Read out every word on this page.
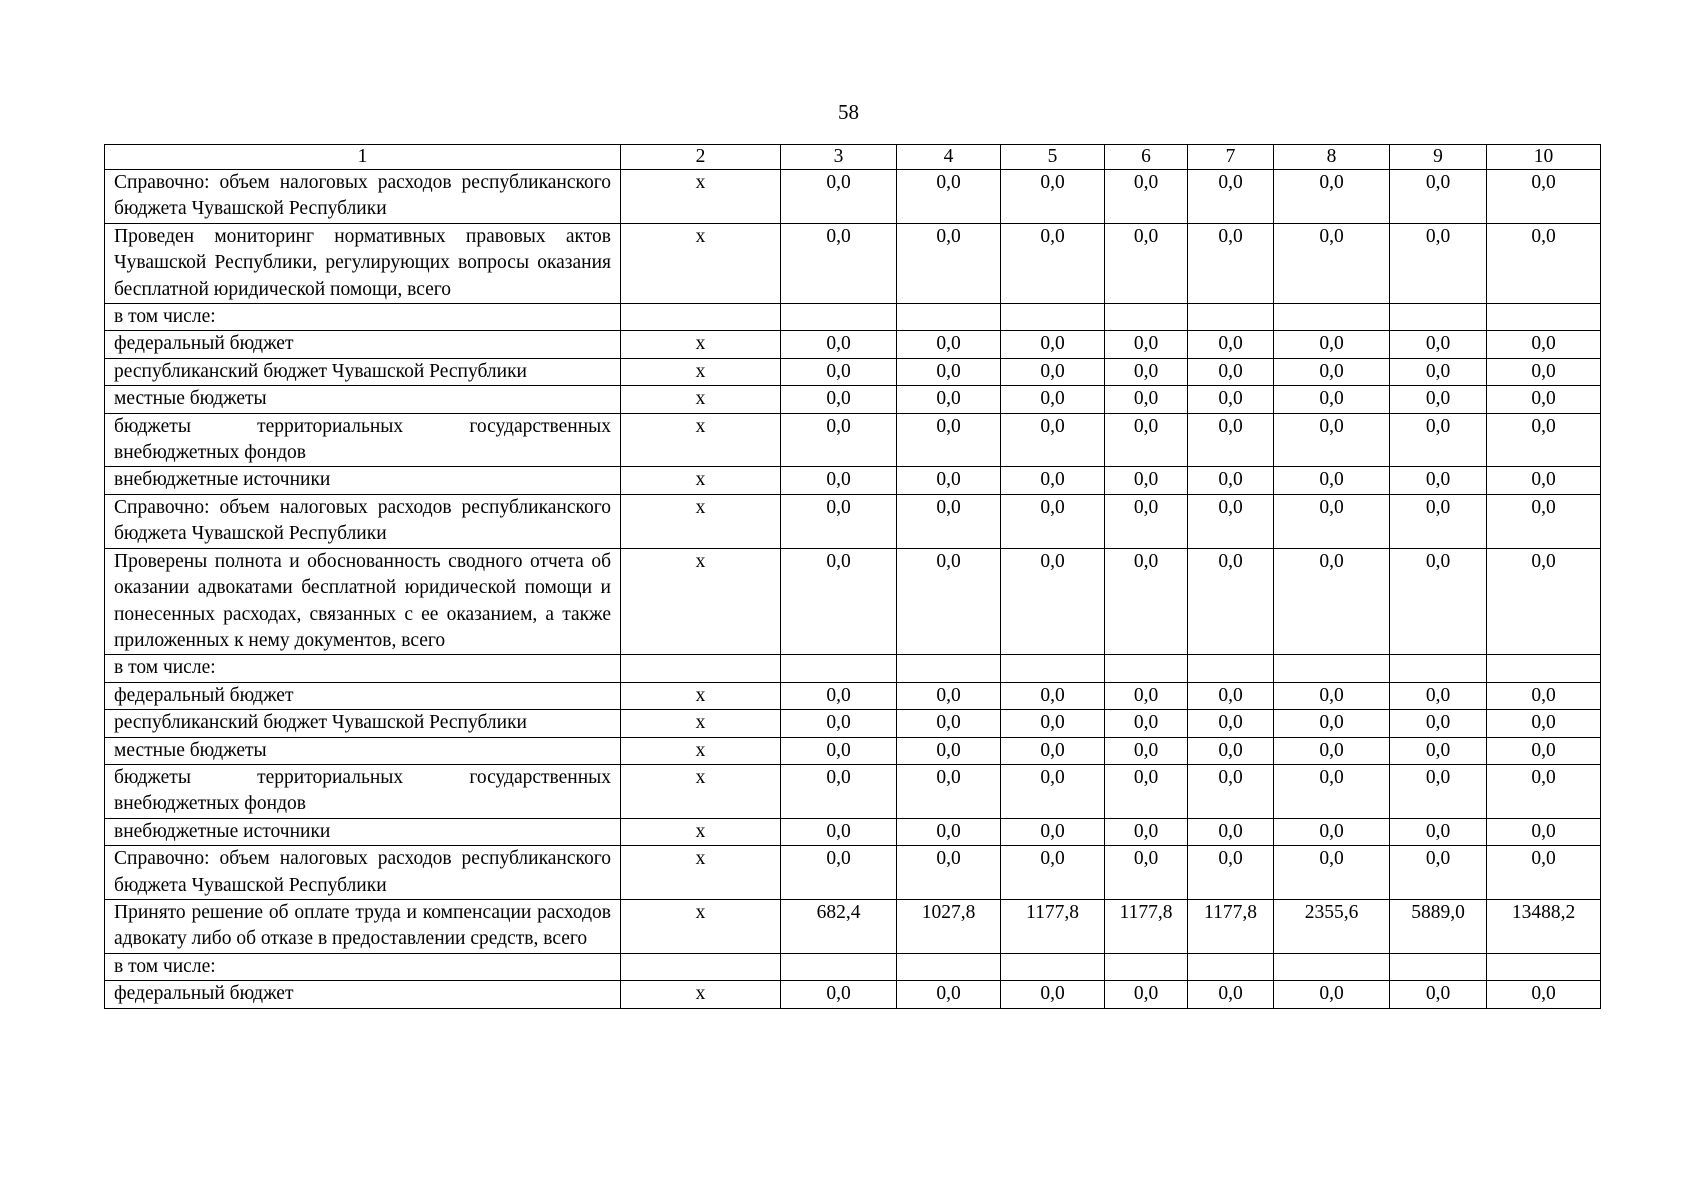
58
1	2	3	4	5	6	7	8	9	10
Справочно: объем налоговых расходов республиканского бюджета Чувашской Республики	х	0,0	0,0	0,0	0,0	0,0	0,0	0,0	0,0
Проведен мониторинг нормативных правовых актов Чувашской Республики, регулирующих вопросы оказания бесплатной юридической помощи, всего	х	0,0	0,0	0,0	0,0	0,0	0,0	0,0	0,0
в том числе:									
федеральный бюджет	х	0,0	0,0	0,0	0,0	0,0	0,0	0,0	0,0
республиканский бюджет Чувашской Республики	х	0,0	0,0	0,0	0,0	0,0	0,0	0,0	0,0
местные бюджеты	х	0,0	0,0	0,0	0,0	0,0	0,0	0,0	0,0
бюджеты территориальных государственных внебюджетных фондов	х	0,0	0,0	0,0	0,0	0,0	0,0	0,0	0,0
внебюджетные источники	х	0,0	0,0	0,0	0,0	0,0	0,0	0,0	0,0
Справочно: объем налоговых расходов республиканского бюджета Чувашской Республики	х	0,0	0,0	0,0	0,0	0,0	0,0	0,0	0,0
Проверены полнота и обоснованность сводного отчета об оказании адвокатами бесплатной юридической помощи и понесенных расходах, связанных с ее оказанием, а также приложенных к нему документов, всего	х	0,0	0,0	0,0	0,0	0,0	0,0	0,0	0,0
в том числе:									
федеральный бюджет	х	0,0	0,0	0,0	0,0	0,0	0,0	0,0	0,0
республиканский бюджет Чувашской Республики	х	0,0	0,0	0,0	0,0	0,0	0,0	0,0	0,0
местные бюджеты	х	0,0	0,0	0,0	0,0	0,0	0,0	0,0	0,0
бюджеты территориальных государственных внебюджетных фондов	х	0,0	0,0	0,0	0,0	0,0	0,0	0,0	0,0
внебюджетные источники	х	0,0	0,0	0,0	0,0	0,0	0,0	0,0	0,0
Справочно: объем налоговых расходов республиканского бюджета Чувашской Республики	х	0,0	0,0	0,0	0,0	0,0	0,0	0,0	0,0
Принято решение об оплате труда и компенсации расходов адвокату либо об отказе в предоставлении средств, всего	х	682,4	1027,8	1177,8	1177,8	1177,8	2355,6	5889,0	13488,2
в том числе:									
федеральный бюджет	х	0,0	0,0	0,0	0,0	0,0	0,0	0,0	0,0
